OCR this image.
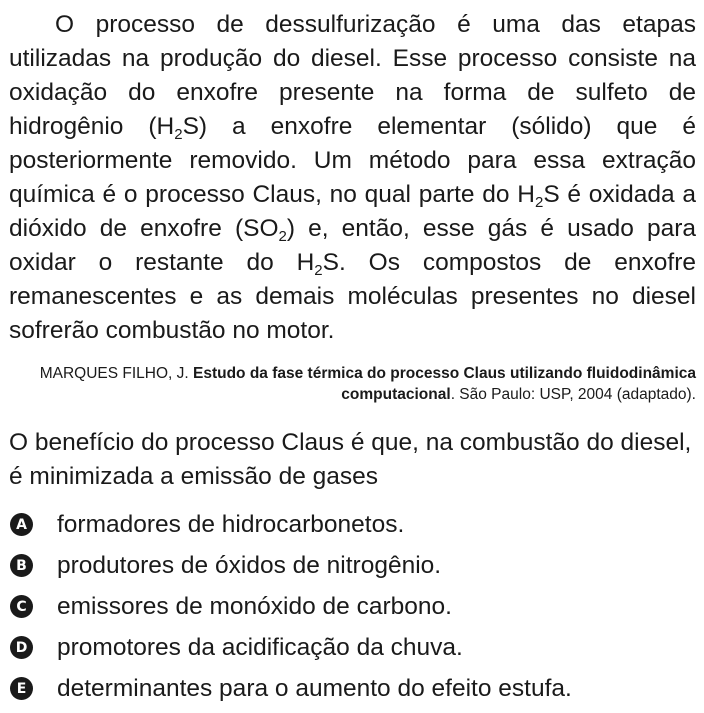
O processo de dessulfurização é uma das etapas utilizadas na produção do diesel. Esse processo consiste na oxidação do enxofre presente na forma de sulfeto de hidrogênio $(H_2S)$ a enxofre elementar (sólido) que é posteriormente removido. Um método para essa extração química é o processo Claus, no qual parte do $H_2S$ é oxidada a dióxido de enxofre $(SO_2)$ e, então, esse gás é usado para oxidar o restante do $H_2S$. Os compostos de enxofre remanescentes e as demais moléculas presentes no diesel sofrerão combustão no motor.

MARQUES FILHO, J. Estudo da fase térmica do processo Claus utilizando fluidodinâmica computacional. São Paulo: USP, 2004 (adaptado).

O benefício do processo Claus é que, na combustão do diesel, é minimizada a emissão de gases

A formadores de hidrocarbonetos.
B produtores de óxidos de nitrogênio.
C emissores de monóxido de carbono.
D promotores da acidificação da chuva.
E determinantes para o aumento do efeito estufa.
